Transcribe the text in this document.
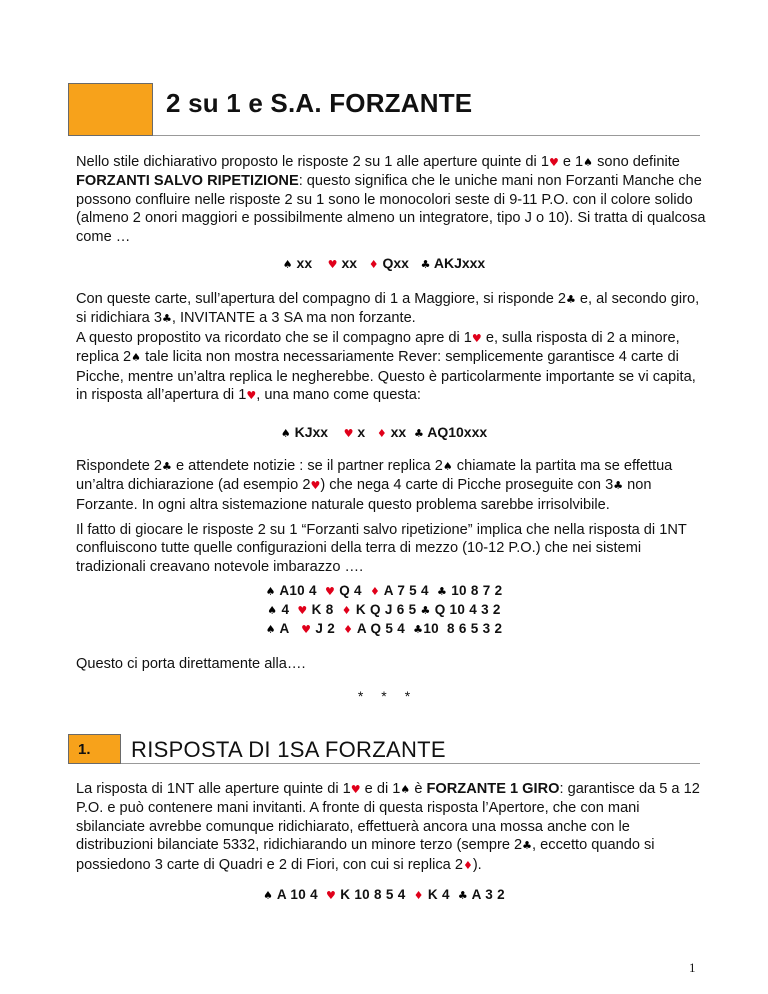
2 su 1 e S.A. FORZANTE

Nello stile dichiarativo proposto le risposte 2 su 1 alle aperture quinte di 1♥ e 1♠ sono definite FORZANTI SALVO RIPETIZIONE: questo significa che le uniche mani non Forzanti Manche che possono confluire nelle risposte 2 su 1 sono le monocolori seste di 9-11 P.O. con il colore solido (almeno 2 onori maggiori e possibilmente almeno un integratore, tipo J o 10). Si tratta di qualcosa come …

♠ xx ♥ xx ♦ Qxx ♣ AKJxxx

Con queste carte, sull’apertura del compagno di 1 a Maggiore, si risponde 2♣ e, al secondo giro, si ridichiara 3♣, INVITANTE a 3 SA ma non forzante.
A questo propostito va ricordato che se il compagno apre di 1♥ e, sulla risposta di 2 a minore, replica 2♠ tale licita non mostra necessariamente Rever: semplicemente garantisce 4 carte di Picche, mentre un’altra replica le negherebbe. Questo è particolarmente importante se vi capita, in risposta all’apertura di 1♥, una mano come questa:

♠ KJxx ♥ x ♦ xx ♣ AQ10xxx

Rispondete 2♣ e attendete notizie : se il partner replica 2♠ chiamate la partita ma se effettua un’altra dichiarazione (ad esempio 2♥) che nega 4 carte di Picche proseguite con 3♣ non Forzante. In ogni altra sistemazione naturale questo problema sarebbe irrisolvibile.

Il fatto di giocare le risposte 2 su 1 “Forzanti salvo ripetizione” implica che nella risposta di 1NT confluiscono tutte quelle configurazioni della terra di mezzo (10-12 P.O.) che nei sistemi tradizionali creavano notevole imbarazzo ….

♠ A10 4 ♥ Q 4 ♦ A 7 5 4 ♣ 10 8 7 2

♠ 4 ♥ K 8 ♦ K Q J 6 5 ♣ Q 10 4 3 2

♠ A ♥ J 2 ♦ A Q 5 4 ♣10  8 6 5 3 2

Questo ci porta direttamente alla….

* * *
1.	RISPOSTA DI 1SA FORZANTE

La risposta di 1NT alle aperture quinte di 1♥ e di 1♠ è FORZANTE 1 GIRO: garantisce da 5 a 12 P.O. e può contenere mani invitanti. A fronte di questa risposta l’Apertore, che con mani sbilanciate avrebbe comunque ridichiarato, effettuerà ancora una mossa anche con le distribuzioni bilanciate 5332, ridichiarando un minore terzo (sempre 2♣, eccetto quando si possiedono 3 carte di Quadri e 2 di Fiori, con cui si replica 2♦).

♠ A 10 4 ♥ K 10 8 5 4 ♦ K 4 ♣ A 3 2

1
